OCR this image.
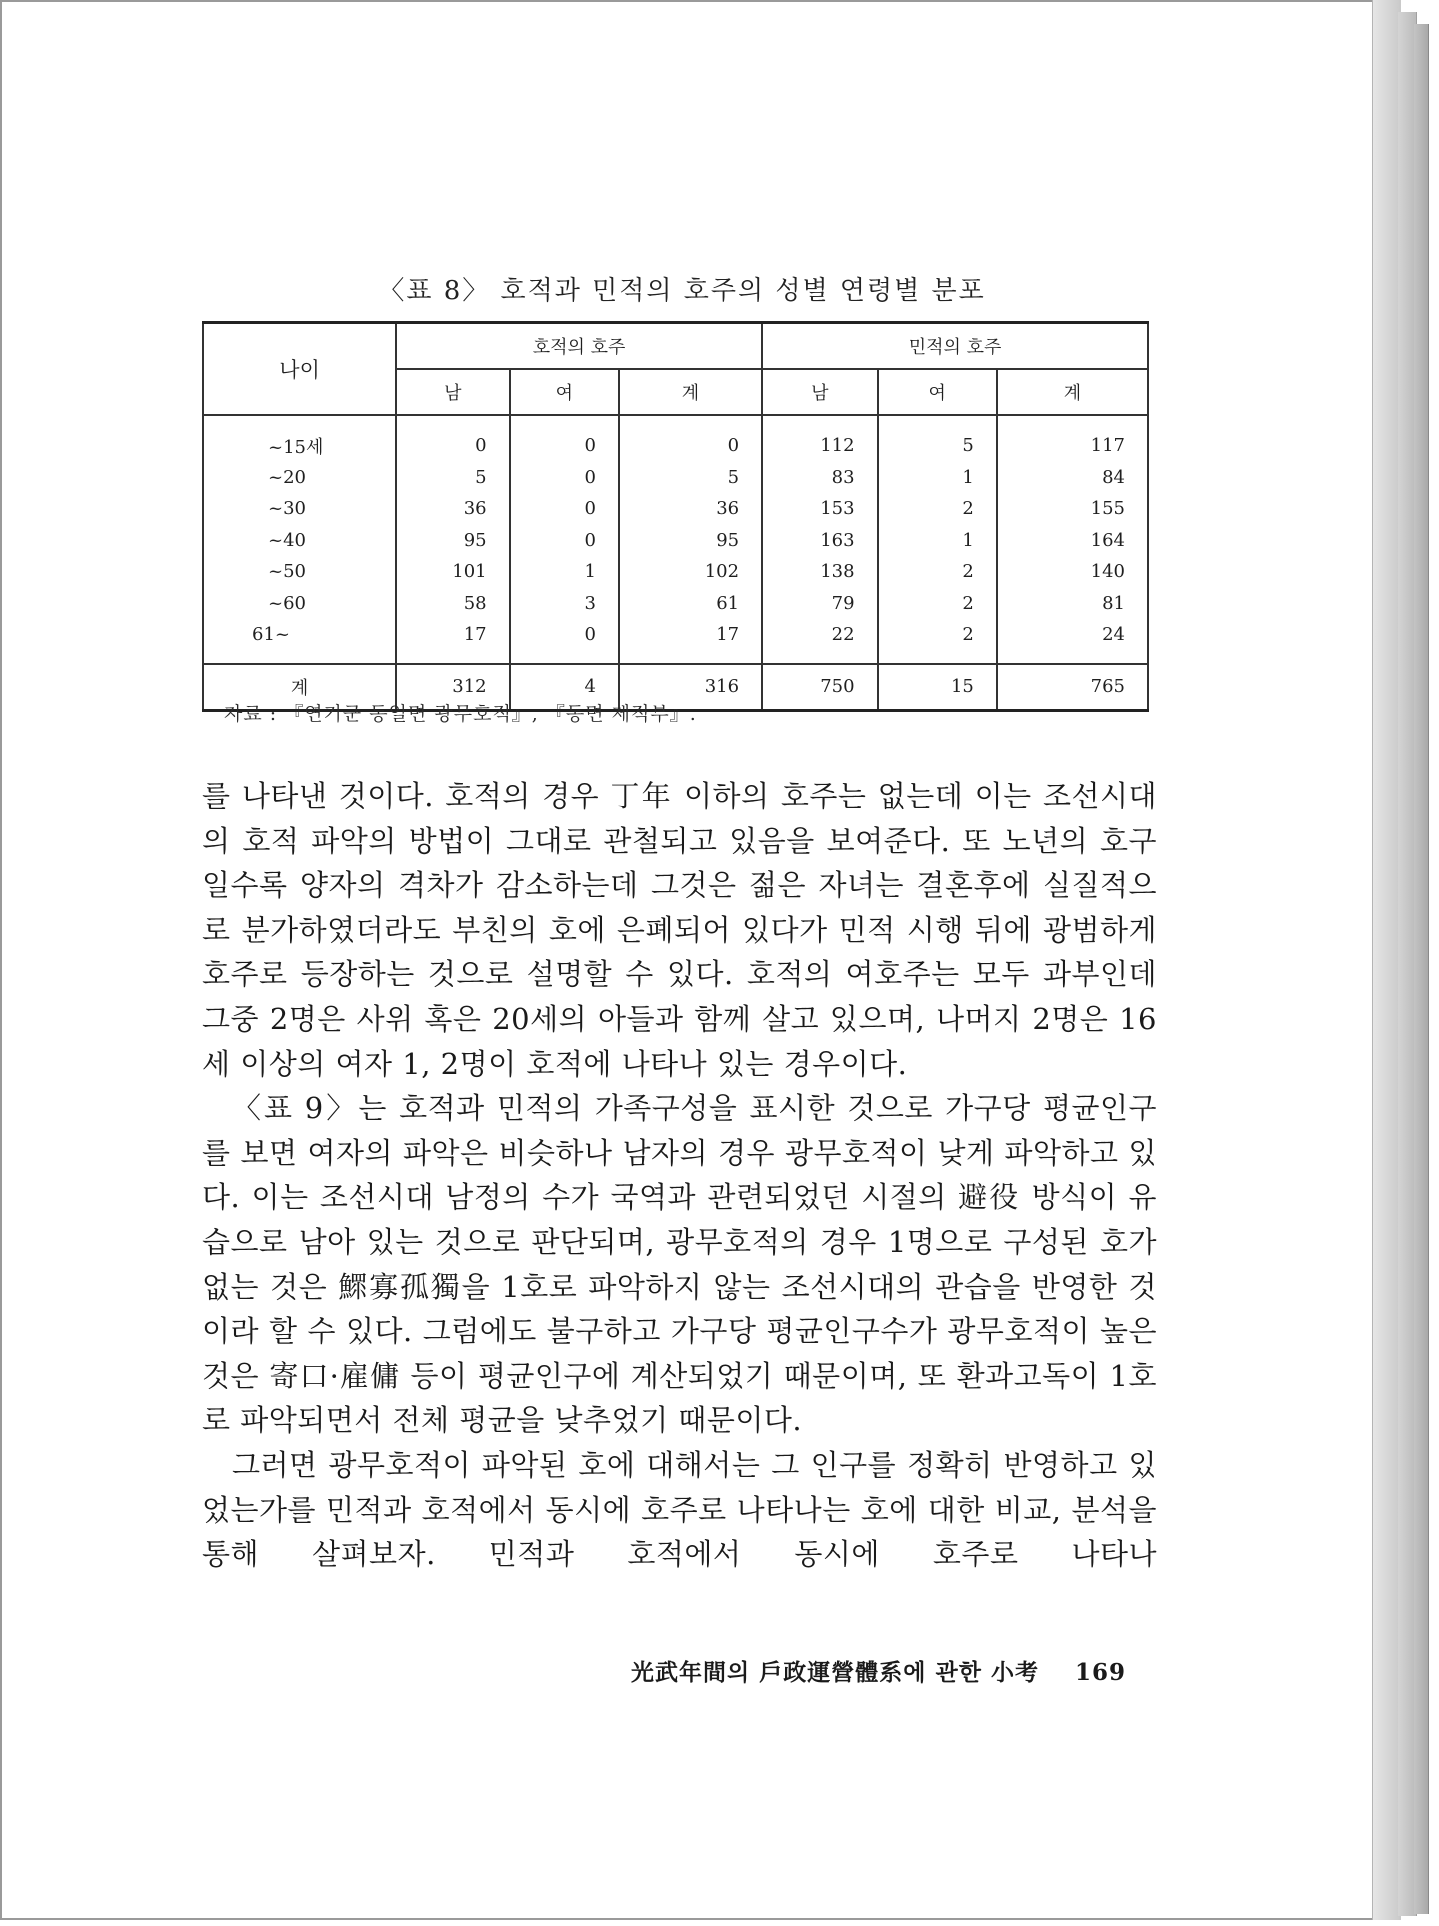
〈표 8〉 호적과 민적의 호주의 성별 연령별 분포
나이	호적의 호주			민적의 호주		
	남	여	계	남	여	계
~15세	0	0	0	112	5	117
~20	5	0	5	83	1	84
~30	36	0	36	153	2	155
~40	95	0	95	163	1	164
~50	101	1	102	138	2	140
~60	58	3	61	79	2	81
61~	17	0	17	22	2	24
계	312	4	316	750	15	765
자료 : 『연기군 동일면 광무호적』, 『동면 제적부』.

를 나타낸 것이다. 호적의 경우 丁年 이하의 호주는 없는데 이는 조선시대의 호적 파악의 방법이 그대로 관철되고 있음을 보여준다. 또 노년의 호구일수록 양자의 격차가 감소하는데 그것은 젊은 자녀는 결혼후에 실질적으로 분가하였더라도 부친의 호에 은폐되어 있다가 민적 시행 뒤에 광범하게 호주로 등장하는 것으로 설명할 수 있다. 호적의 여호주는 모두 과부인데 그중 2명은 사위 혹은 20세의 아들과 함께 살고 있으며, 나머지 2명은 16세 이상의 여자 1, 2명이 호적에 나타나 있는 경우이다.

〈표 9〉는 호적과 민적의 가족구성을 표시한 것으로 가구당 평균인구를 보면 여자의 파악은 비슷하나 남자의 경우 광무호적이 낮게 파악하고 있다. 이는 조선시대 남정의 수가 국역과 관련되었던 시절의 避役 방식이 유습으로 남아 있는 것으로 판단되며, 광무호적의 경우 1명으로 구성된 호가 없는 것은 鰥寡孤獨을 1호로 파악하지 않는 조선시대의 관습을 반영한 것이라 할 수 있다. 그럼에도 불구하고 가구당 평균인구수가 광무호적이 높은 것은 寄口·雇傭 등이 평균인구에 계산되었기 때문이며, 또 환과고독이 1호로 파악되면서 전체 평균을 낮추었기 때문이다.

그러면 광무호적이 파악된 호에 대해서는 그 인구를 정확히 반영하고 있었는가를 민적과 호적에서 동시에 호주로 나타나는 호에 대한 비교, 분석을 통해 살펴보자. 민적과 호적에서 동시에 호주로 나타나

光武年間의 戶政運營體系에 관한 小考 169
